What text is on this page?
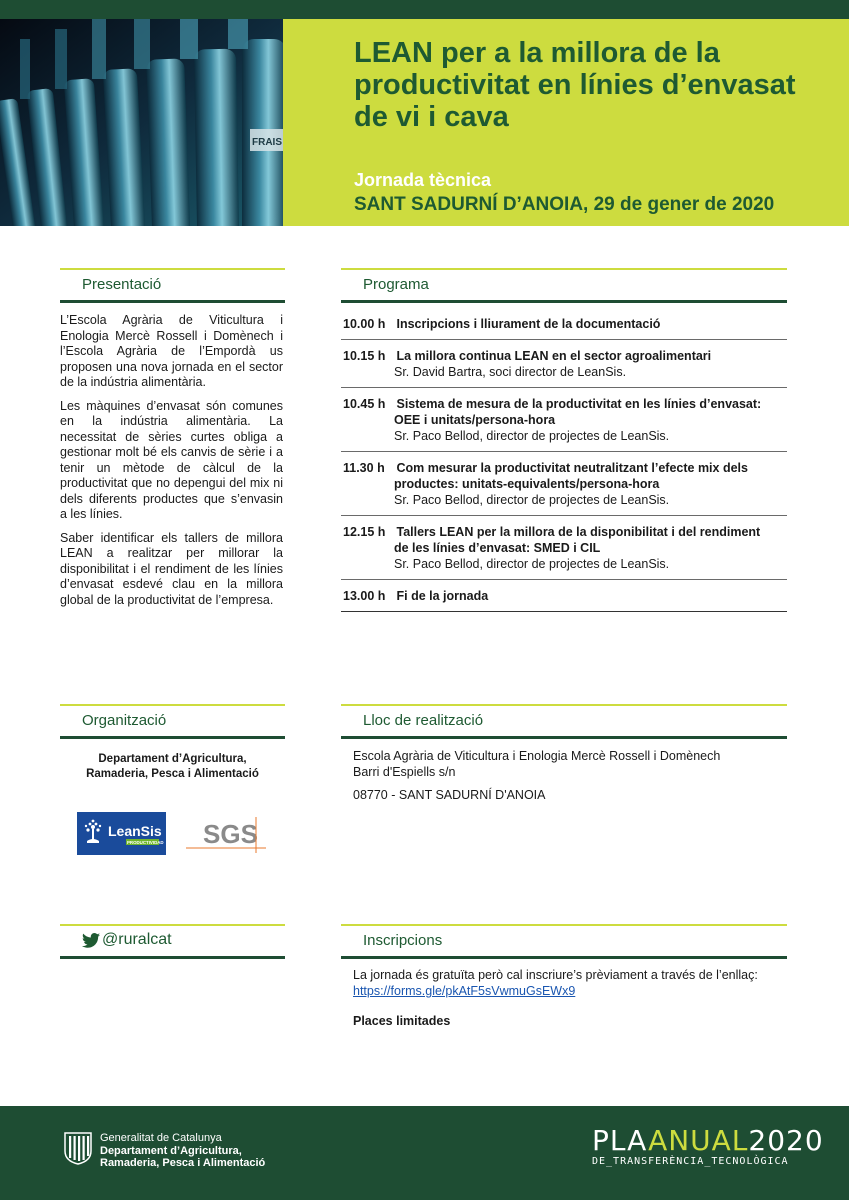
FRAIS
LEAN per a la millora de la productivitat en línies d’envasat de vi i cava
Jornada tècnica
SANT SADURNÍ D’ANOIA, 29 de gener de 2020
Presentació

L’Escola Agrària de Viticultura i Enologia Mercè Rossell i Domènech i l’Escola Agrària de l’Empordà us proposen una nova jornada en el sector de la indústria alimentària.

Les màquines d’envasat són comunes en la indústria alimentària. La necessitat de sèries curtes obliga a gestionar molt bé els canvis de sèrie i a tenir un mètode de càlcul de la productivitat que no depengui del mix ni dels diferents productes que s’envasin a les línies.

Saber identificar els tallers de millora LEAN a realitzar per millorar la disponibilitat i el rendiment de les línies d’envasat esdevé clau en la millora global de la productivitat de l’empresa.

Programa
10.00 h Inscripcions i lliurament de la documentació
10.15 h La millora continua LEAN en el sector agroalimentari
Sr. David Bartra, soci director de LeanSis.
10.45 h Sistema de mesura de la productivitat en les línies d’envasat:
OEE i unitats/persona-hora
Sr. Paco Bellod, director de projectes de LeanSis.
11.30 h Com mesurar la productivitat neutralitzant l’efecte mix dels
productes: unitats-equivalents/persona-hora
Sr. Paco Bellod, director de projectes de LeanSis.
12.15 h Tallers LEAN per la millora de la disponibilitat i del rendiment
de les línies d’envasat: SMED i CIL
Sr. Paco Bellod, director de projectes de LeanSis.
13.00 h Fi de la jornada
Organització
Departament d’Agricultura,
Ramaderia, Pesca i Alimentació
LeanSis
PRODUCTIVIDAD SGS
Lloc de realització
Escola Agrària de Viticultura i Enologia Mercè Rossell i Domènech
Barri d'Espiells s/n
08770 - SANT SADURNÍ D'ANOIA
@ruralcat	Inscripcions
La jornada és gratuïta però cal inscriure’s prèviament a través de l’enllaç:
https://forms.gle/pkAtF5sVwmuGsEWx9
Places limitades
Generalitat de Catalunya
Departament d’Agricultura,
Ramaderia, Pesca i Alimentació
PLAANUAL2020
DE_TRANSFERÈNCIA_TECNOLÒGICA
